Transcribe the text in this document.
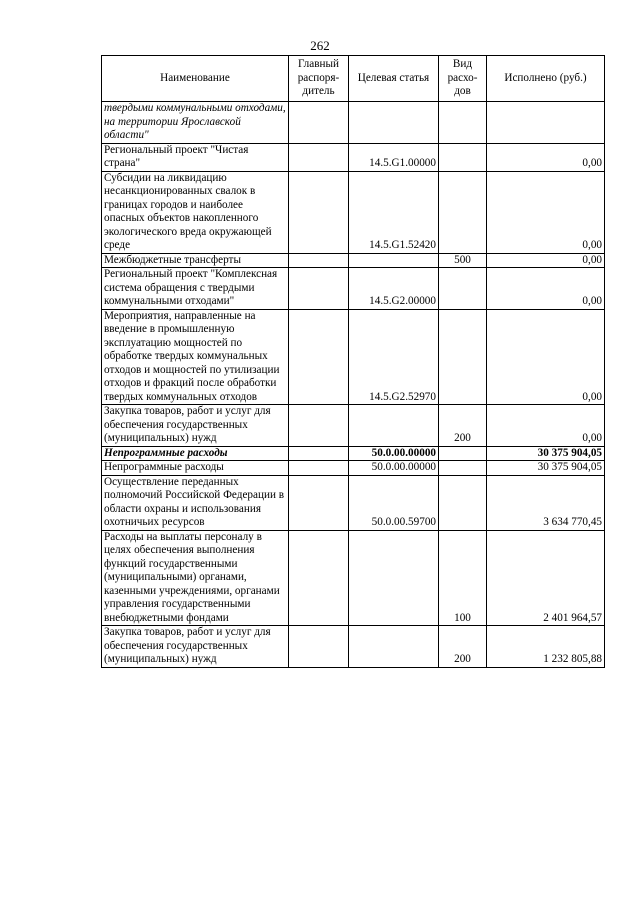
262
Наименование	Главный распоря-дитель	Целевая статья	Вид расхо-дов	Исполнено (руб.)
твердыми коммунальными отходами, на территории Ярославской области"				
Региональный проект "Чистая страна"		14.5.G1.00000		0,00
Субсидии на ликвидацию несанкционированных свалок в границах городов и наиболее опасных объектов накопленного экологического вреда окружающей среде		14.5.G1.52420		0,00
Межбюджетные трансферты			500	0,00
Региональный проект "Комплексная система обращения с твердыми коммунальными отходами"		14.5.G2.00000		0,00
Мероприятия, направленные на введение в промышленную эксплуатацию мощностей по обработке твердых коммунальных отходов и мощностей по утилизации отходов и фракций после обработки твердых коммунальных отходов		14.5.G2.52970		0,00
Закупка товаров, работ и услуг для обеспечения государственных (муниципальных) нужд			200	0,00
Непрограммные расходы		50.0.00.00000		30 375 904,05
Непрограммные расходы		50.0.00.00000		30 375 904,05
Осуществление переданных полномочий Российской Федерации в области охраны и использования охотничьих ресурсов		50.0.00.59700		3 634 770,45
Расходы на выплаты персоналу в целях обеспечения выполнения функций государственными (муниципальными) органами, казенными учреждениями, органами управления государственными внебюджетными фондами			100	2 401 964,57
Закупка товаров, работ и услуг для обеспечения государственных (муниципальных) нужд			200	1 232 805,88
